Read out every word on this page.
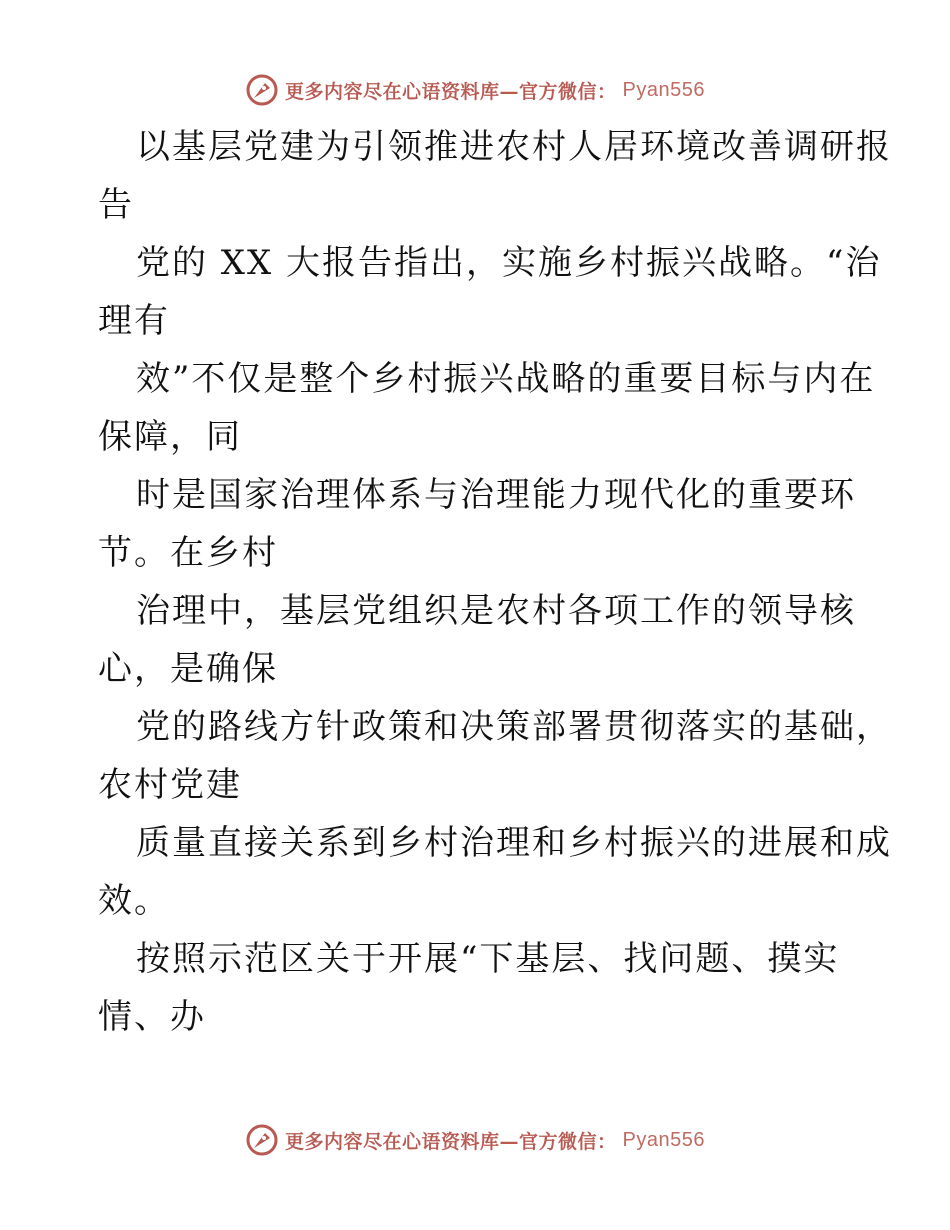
更多内容尽在心语资料库—官方微信： Pyan556

以基层党建为引领推进农村人居环境改善调研报

告

党的 XX 大报告指出，实施乡村振兴战略。“治

理有

效”不仅是整个乡村振兴战略的重要目标与内在

保障，同

时是国家治理体系与治理能力现代化的重要环

节。在乡村

治理中，基层党组织是农村各项工作的领导核

心，是确保

党的路线方针政策和决策部署贯彻落实的基础，

农村党建

质量直接关系到乡村治理和乡村振兴的进展和成

效。

按照示范区关于开展“下基层、找问题、摸实

情、办

更多内容尽在心语资料库—官方微信： Pyan556
